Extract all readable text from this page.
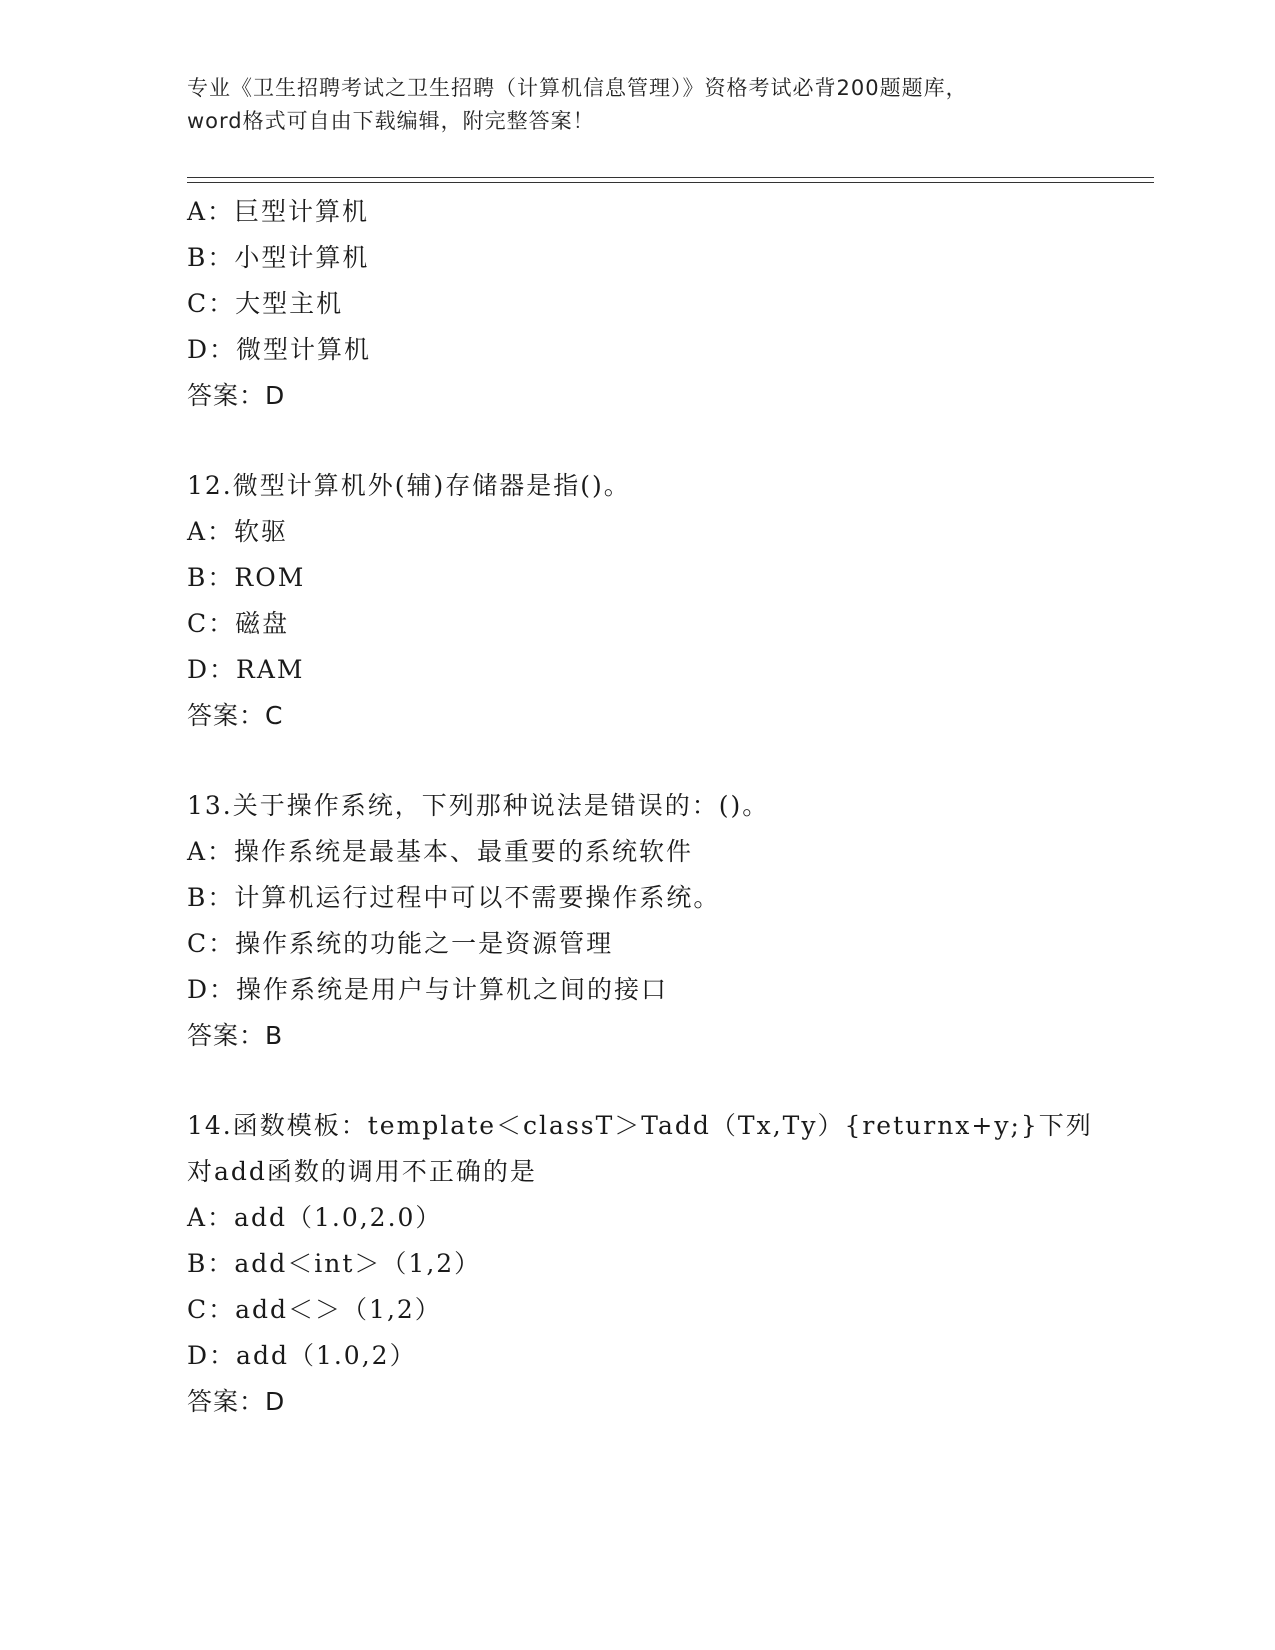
专业《卫生招聘考试之卫生招聘（计算机信息管理）》资格考试必背200题题库，
word格式可自由下载编辑，附完整答案！
A：巨型计算机
B：小型计算机
C：大型主机
D：微型计算机
答案：D
12.微型计算机外(辅)存储器是指()。
A：软驱
B：ROM
C：磁盘
D：RAM
答案：C
13.关于操作系统，下列那种说法是错误的：()。
A：操作系统是最基本、最重要的系统软件
B：计算机运行过程中可以不需要操作系统。
C：操作系统的功能之一是资源管理
D：操作系统是用户与计算机之间的接口
答案：B
14.函数模板：template＜classT＞Tadd（Tx,Ty）{returnx+y;}下列
对add函数的调用不正确的是
A：add（1.0,2.0）
B：add＜int＞（1,2）
C：add＜＞（1,2）
D：add（1.0,2）
答案：D
